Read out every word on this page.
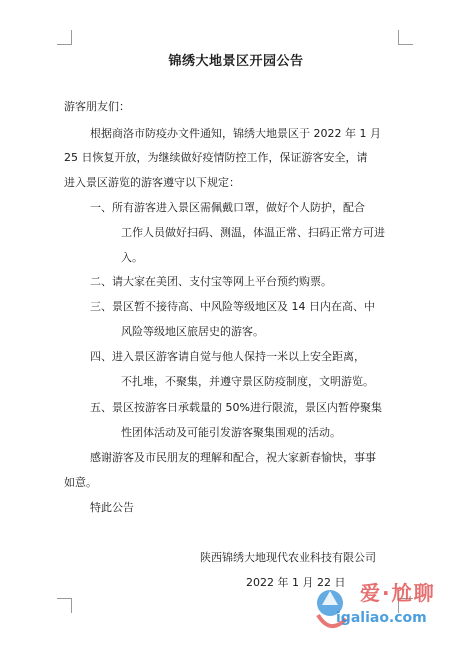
锦绣大地景区开园公告
游客朋友们：
根据商洛市防疫办文件通知，锦绣大地景区于 2022 年 1 月
25 日恢复开放，为继续做好疫情防控工作，保证游客安全，请
进入景区游览的游客遵守以下规定：
一、所有游客进入景区需佩戴口罩，做好个人防护，配合
工作人员做好扫码、测温，体温正常、扫码正常方可进
入。
二、请大家在美团、支付宝等网上平台预约购票。
三、景区暂不接待高、中风险等级地区及 14 日内在高、中
风险等级地区旅居史的游客。
四、进入景区游客请自觉与他人保持一米以上安全距离，
不扎堆，不聚集，并遵守景区防疫制度，文明游览。
五、景区按游客日承载量的 50%进行限流，景区内暂停聚集
性团体活动及可能引发游客聚集围观的活动。
感谢游客及市民朋友的理解和配合，祝大家新春愉快，事事
如意。
特此公告
陕西锦绣大地现代农业科技有限公司
2022 年 1 月 22 日 爱·尬聊
igaliao.com
